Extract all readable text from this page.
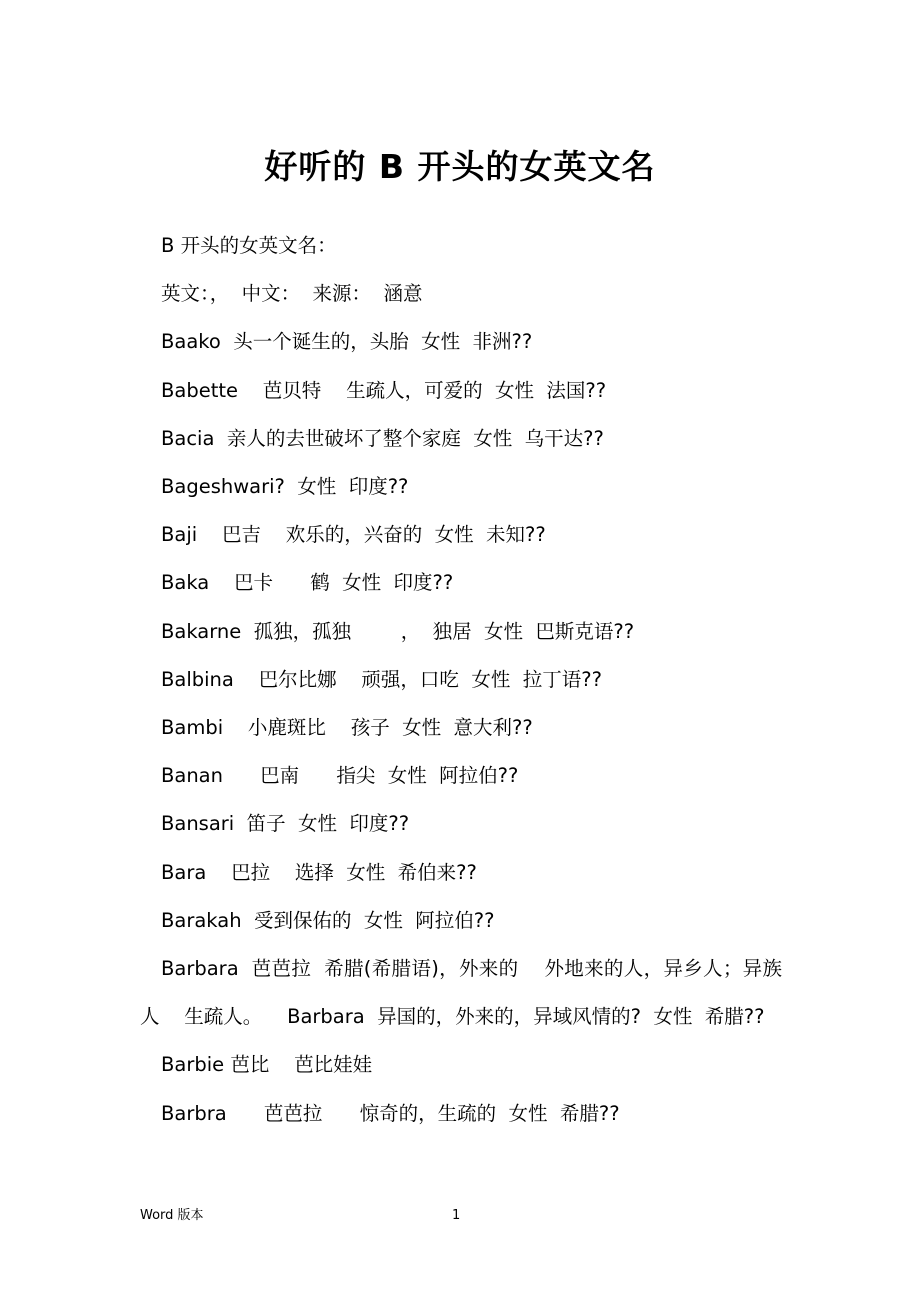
好听的 B 开头的女英文名

B 开头的女英文名：

英文：，  中文：  来源：  涵意

Baako  头一个诞生的，头胎  女性  非洲??

Babette    芭贝特    生疏人，可爱的  女性  法国??

Bacia  亲人的去世破坏了整个家庭  女性  乌干达??

Bageshwari?  女性  印度??

Baji    巴吉    欢乐的，兴奋的  女性  未知??

Baka    巴卡      鹤  女性  印度??

Bakarne  孤独，孤独        ，  独居  女性  巴斯克语??

Balbina    巴尔比娜    顽强，口吃  女性  拉丁语??

Bambi    小鹿斑比    孩子  女性  意大利??

Banan      巴南      指尖  女性  阿拉伯??

Bansari  笛子  女性  印度??

Bara    巴拉    选择  女性  希伯来??

Barakah  受到保佑的  女性  阿拉伯??

Barbara  芭芭拉  希腊(希腊语)，外来的    外地来的人，异乡人；异族人    生疏人。    Barbara  异国的，外来的，异域风情的?  女性  希腊??

Barbie 芭比    芭比娃娃

Barbra      芭芭拉      惊奇的，生疏的  女性  希腊??

Word 版本	1
